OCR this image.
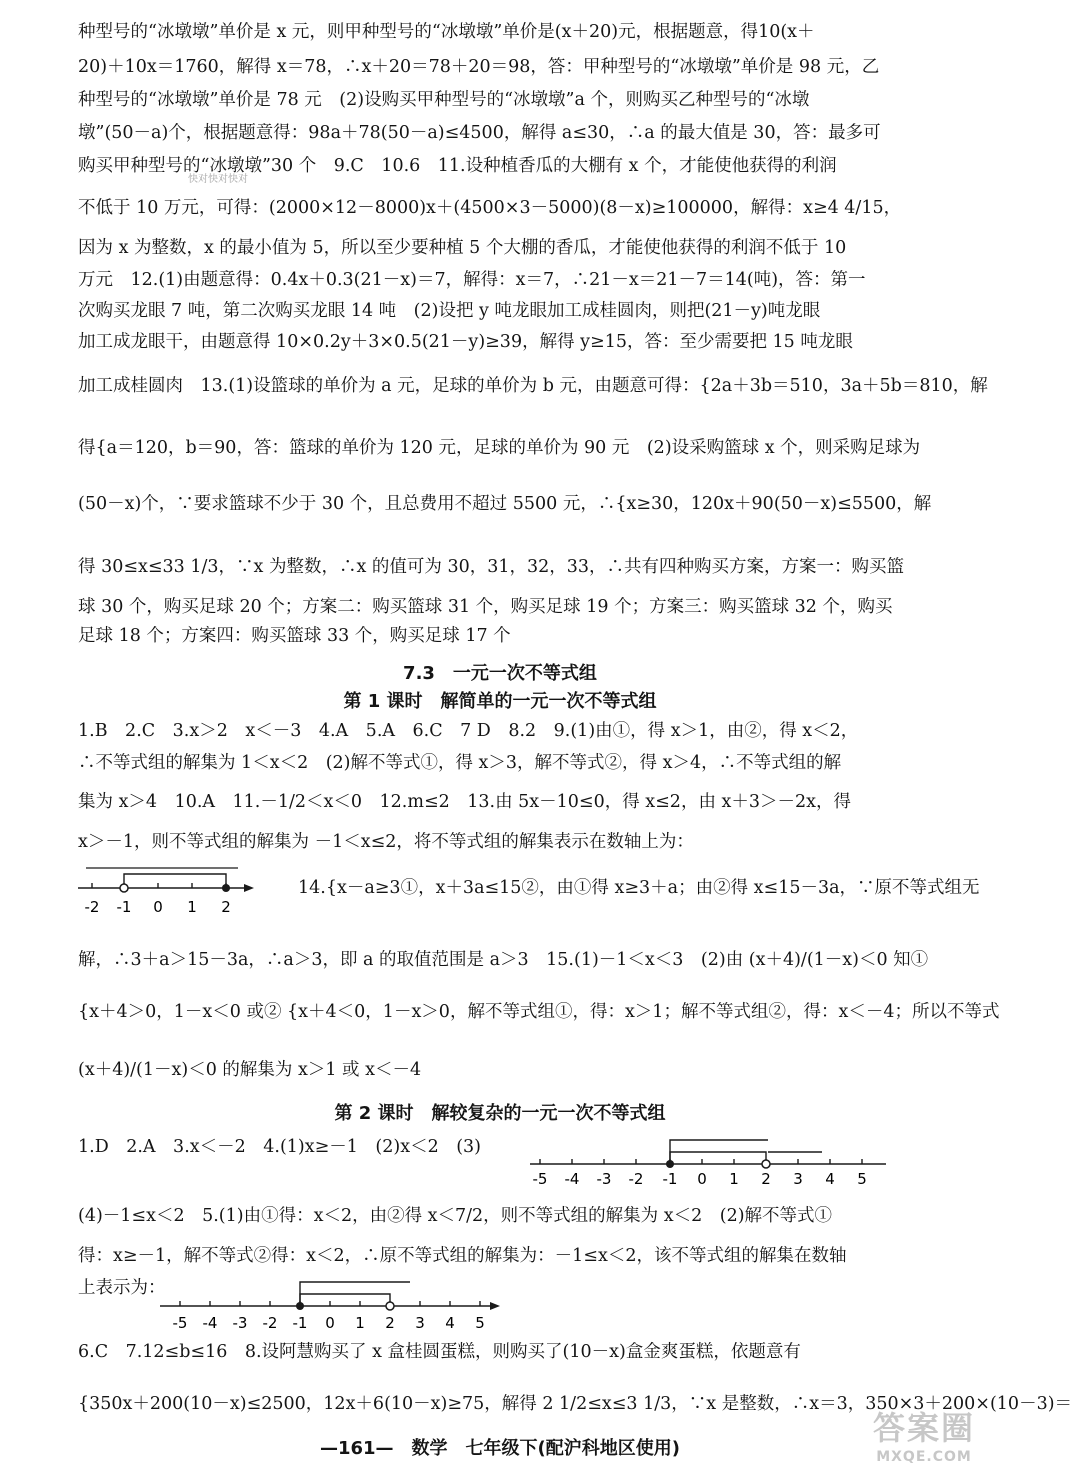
种型号的“冰墩墩”单价是 x 元，则甲种型号的“冰墩墩”单价是(x＋20)元，根据题意，得10(x＋

20)＋10x＝1760，解得 x＝78，∴x＋20＝78＋20＝98，答：甲种型号的“冰墩墩”单价是 98 元，乙

种型号的“冰墩墩”单价是 78 元　(2)设购买甲种型号的“冰墩墩”a 个，则购买乙种型号的“冰墩

墩”(50－a)个，根据题意得：98a＋78(50－a)≤4500，解得 a≤30，∴a 的最大值是 30，答：最多可

购买甲种型号的“冰墩墩”30 个　9.C　10.6　11.设种植香瓜的大棚有 x 个，才能使他获得的利润

不低于 10 万元，可得：(2000×12－8000)x＋(4500×3－5000)(8－x)≥100000，解得：x≥4 4/15，

因为 x 为整数，x 的最小值为 5，所以至少要种植 5 个大棚的香瓜，才能使他获得的利润不低于 10

万元　12.(1)由题意得：0.4x＋0.3(21－x)＝7，解得：x＝7，∴21－x＝21－7＝14(吨)，答：第一

次购买龙眼 7 吨，第二次购买龙眼 14 吨　(2)设把 y 吨龙眼加工成桂圆肉，则把(21－y)吨龙眼

加工成龙眼干，由题意得 10×0.2y＋3×0.5(21－y)≥39，解得 y≥15，答：至少需要把 15 吨龙眼

加工成桂圆肉　13.(1)设篮球的单价为 a 元，足球的单价为 b 元，由题意可得：{2a＋3b＝510，3a＋5b＝810，解

得{a＝120，b＝90，答：篮球的单价为 120 元，足球的单价为 90 元　(2)设采购篮球 x 个，则采购足球为

(50－x)个，∵要求篮球不少于 30 个，且总费用不超过 5500 元，∴{x≥30，120x＋90(50－x)≤5500，解

得 30≤x≤33 1/3，∵x 为整数，∴x 的值可为 30，31，32，33，∴共有四种购买方案，方案一：购买篮

球 30 个，购买足球 20 个；方案二：购买篮球 31 个，购买足球 19 个；方案三：购买篮球 32 个，购买

足球 18 个；方案四：购买篮球 33 个，购买足球 17 个

7.3　一元一次不等式组

第 1 课时　解简单的一元一次不等式组

1.B　2.C　3.x＞2　x＜－3　4.A　5.A　6.C　7 D　8.2　9.(1)由①，得 x＞1，由②，得 x＜2，

∴不等式组的解集为 1＜x＜2　(2)解不等式①，得 x＞3，解不等式②，得 x＞4，∴不等式组的解

集为 x＞4　10.A　11.－1/2＜x＜0　12.m≤2　13.由 5x－10≤0，得 x≤2，由 x＋3＞－2x，得

x＞－1，则不等式组的解集为 －1＜x≤2，将不等式组的解集表示在数轴上为：

-2 -1 0 1 2

14.{x－a≥3①，x＋3a≤15②，由①得 x≥3＋a；由②得 x≤15－3a，∵原不等式组无

解，∴3＋a＞15－3a，∴a＞3，即 a 的取值范围是 a＞3　15.(1)－1＜x＜3　(2)由 (x＋4)/(1－x)＜0 知①

{x＋4＞0，1－x＜0 或② {x＋4＜0，1－x＞0，解不等式组①，得：x＞1；解不等式组②，得：x＜－4；所以不等式

(x＋4)/(1－x)＜0 的解集为 x＞1 或 x＜－4

第 2 课时　解较复杂的一元一次不等式组

1.D　2.A　3.x＜－2　4.(1)x≥－1　(2)x＜2　(3)

-5 -4 -3 -2 -1 0 1 2 3 4 5

(4)－1≤x＜2　5.(1)由①得：x＜2，由②得 x＜7/2，则不等式组的解集为 x＜2　(2)解不等式①

得：x≥－1，解不等式②得：x＜2，∴原不等式组的解集为：－1≤x＜2，该不等式组的解集在数轴

上表示为：

-5 -4 -3 -2 -1 0 1 2 3 4 5

6.C　7.12≤b≤16　8.设阿慧购买了 x 盒桂圆蛋糕，则购买了(10－x)盒金爽蛋糕，依题意有

{350x＋200(10－x)≤2500，12x＋6(10－x)≥75，解得 2 1/2≤x≤3 1/3，∵x 是整数，∴x＝3，350×3＋200×(10－3)＝

快对快对快对
—161—　数学　七年级下(配沪科地区使用)
答案圈
MXQE.COM
